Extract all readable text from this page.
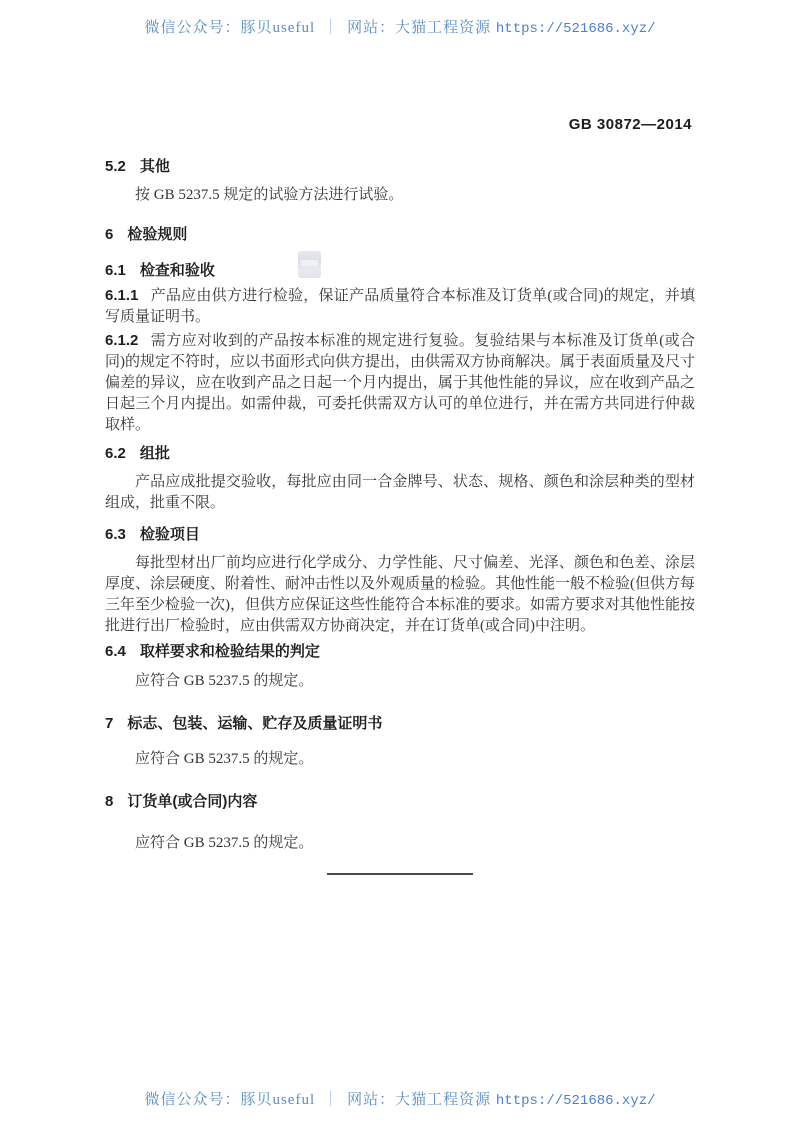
微信公众号：豚贝useful ｜ 网站：大猫工程资源 https://521686.xyz/
GB 30872—2014
5.2 其他

按 GB 5237.5 规定的试验方法进行试验。

6 检验规则
6.1 检查和验收

6.1.1 产品应由供方进行检验，保证产品质量符合本标准及订货单(或合同)的规定，并填写质量证明书。

6.1.2 需方应对收到的产品按本标准的规定进行复验。复验结果与本标准及订货单(或合同)的规定不符时，应以书面形式向供方提出，由供需双方协商解决。属于表面质量及尺寸偏差的异议，应在收到产品之日起一个月内提出，属于其他性能的异议，应在收到产品之日起三个月内提出。如需仲裁，可委托供需双方认可的单位进行，并在需方共同进行仲裁取样。

6.2 组批

产品应成批提交验收，每批应由同一合金牌号、状态、规格、颜色和涂层种类的型材组成，批重不限。

6.3 检验项目

每批型材出厂前均应进行化学成分、力学性能、尺寸偏差、光泽、颜色和色差、涂层厚度、涂层硬度、附着性、耐冲击性以及外观质量的检验。其他性能一般不检验(但供方每三年至少检验一次)，但供方应保证这些性能符合本标准的要求。如需方要求对其他性能按批进行出厂检验时，应由供需双方协商决定，并在订货单(或合同)中注明。

6.4 取样要求和检验结果的判定

应符合 GB 5237.5 的规定。

7 标志、包装、运输、贮存及质量证明书

应符合 GB 5237.5 的规定。

8 订货单(或合同)内容

应符合 GB 5237.5 的规定。

微信公众号：豚贝useful ｜ 网站：大猫工程资源 https://521686.xyz/
